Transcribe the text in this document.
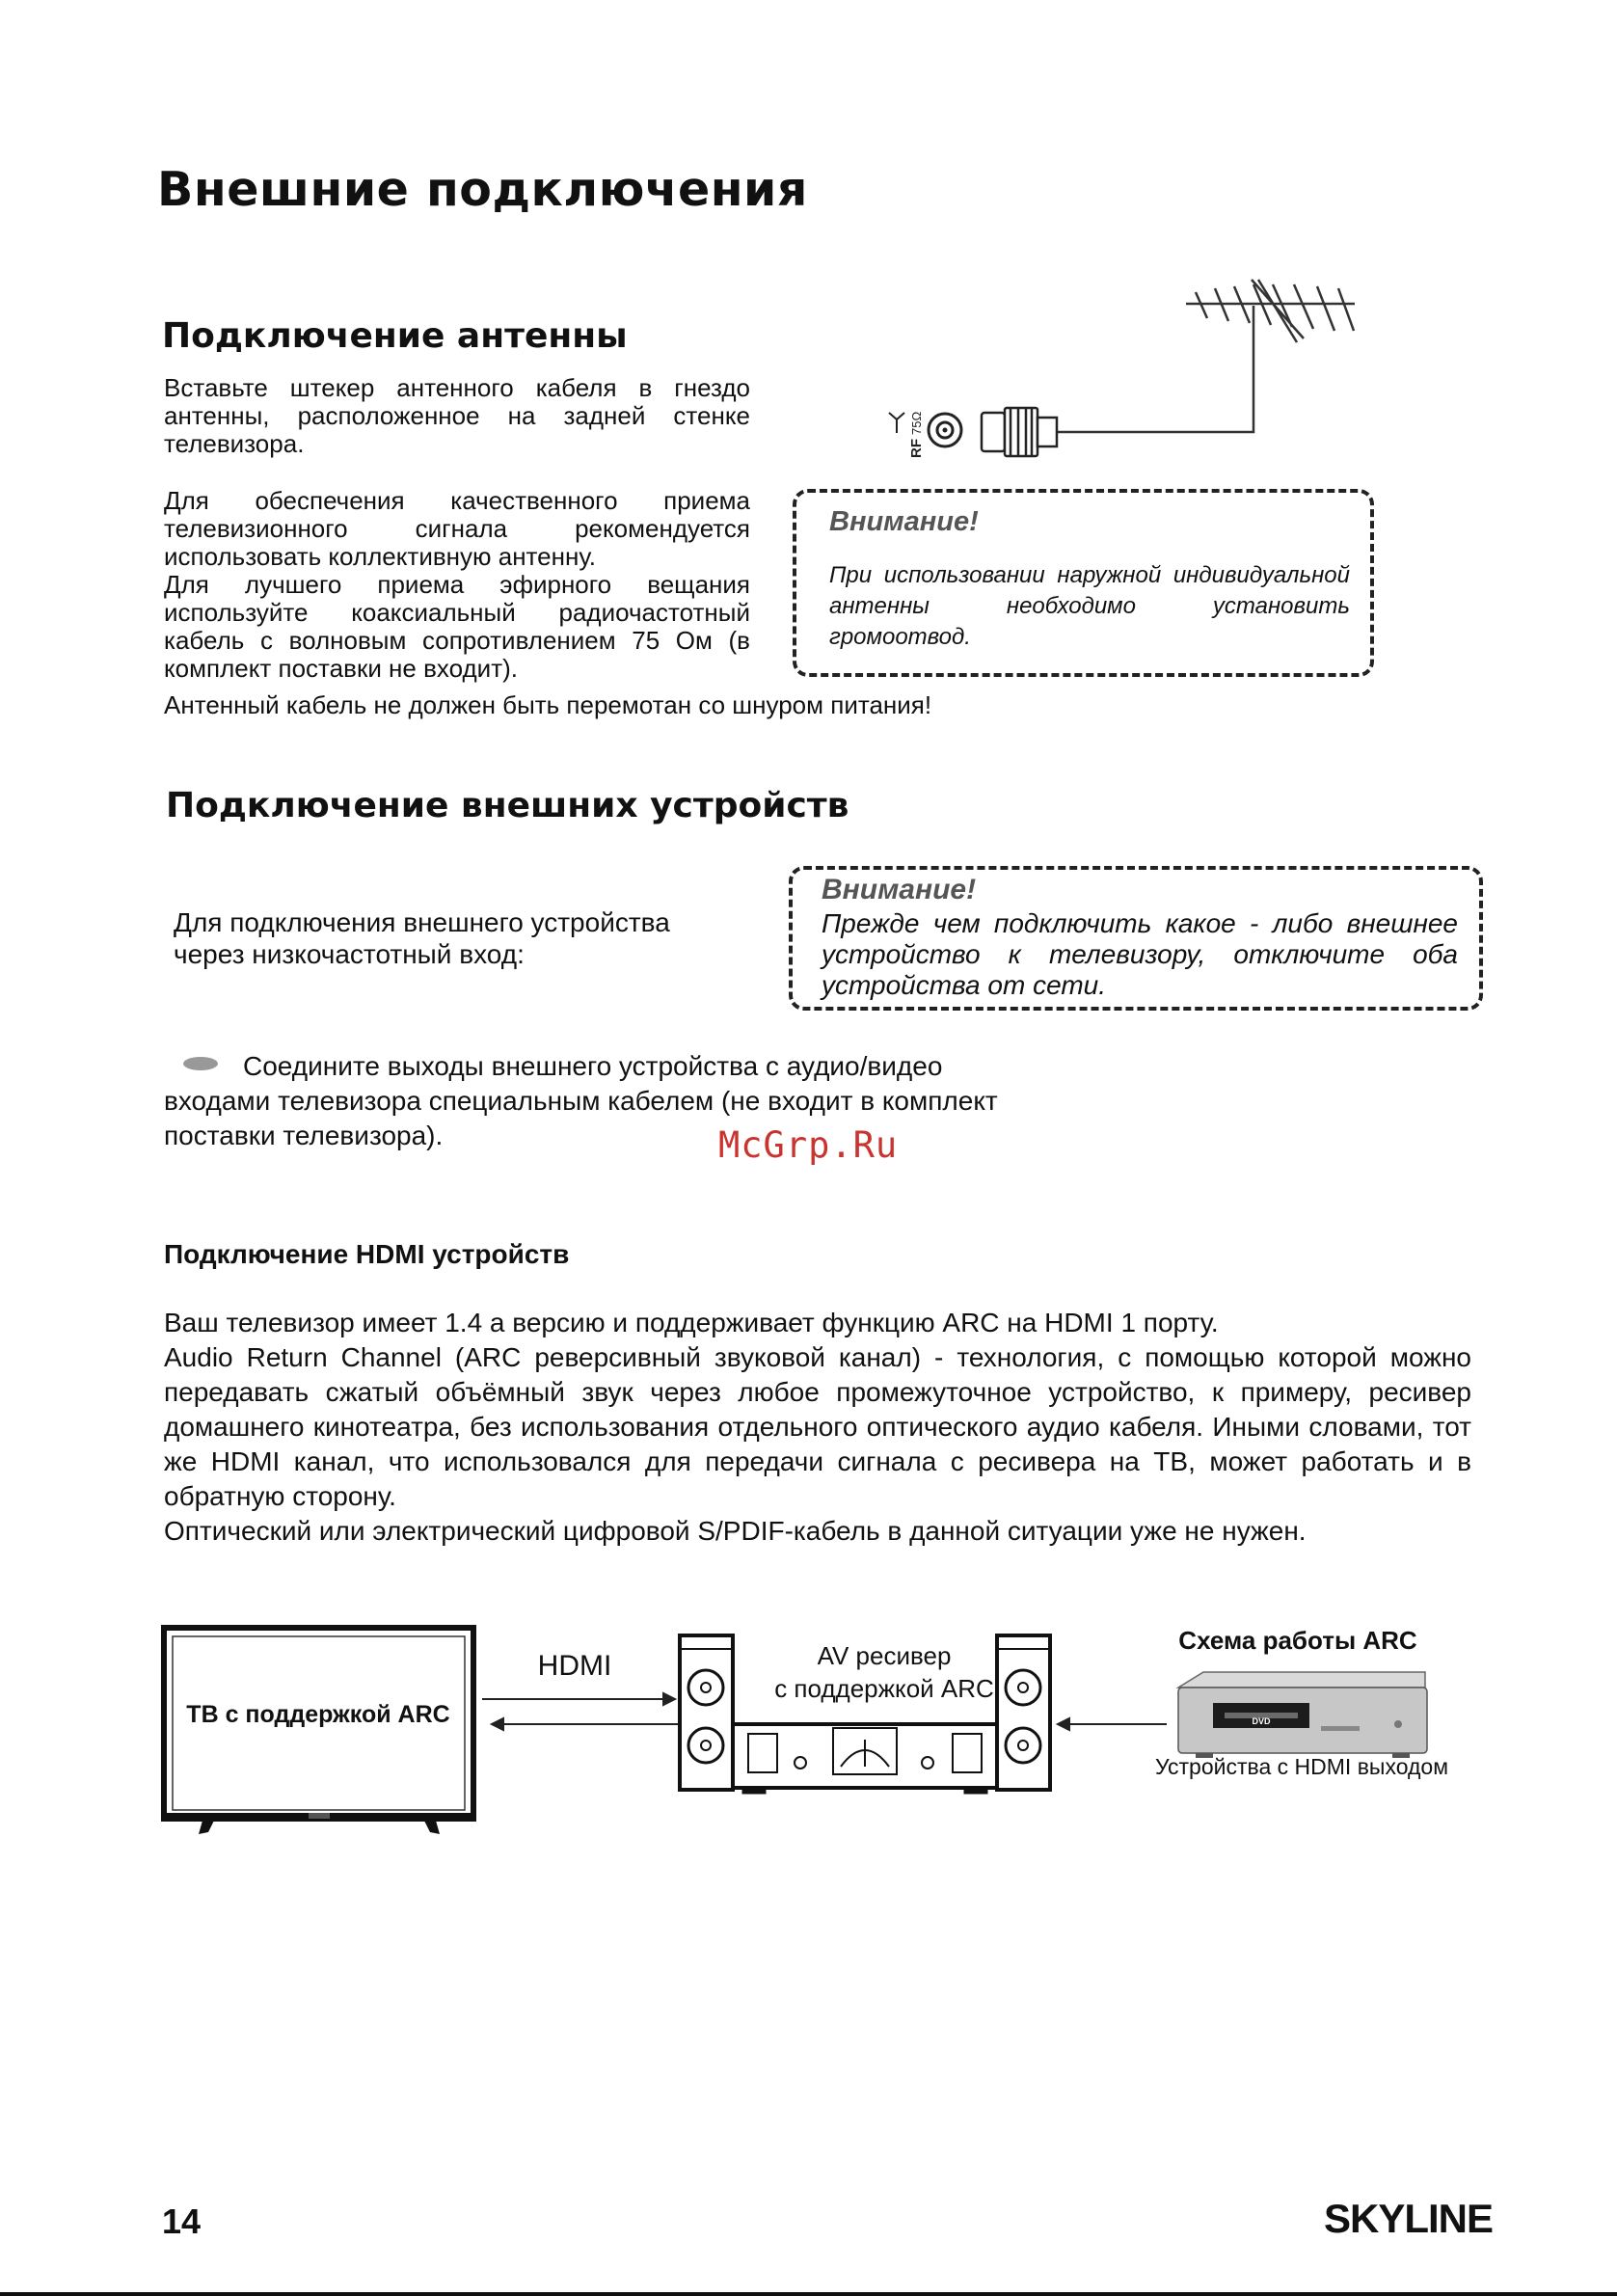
Внешние подключения
Подключение антенны
Вставьте штекер антенного кабеля в гнездо антенны, расположенное на задней стенке телевизора.
Для обеспечения качественного приема телевизионного сигнала рекомендуется использовать коллективную антенну.
Для лучшего приема эфирного вещания используйте коаксиальный радиочастотный кабель с волновым сопротивлением 75 Ом (в комплект поставки не входит).
Антенный кабель не должен быть перемотан со шнуром питания!
RF
75Ω
Внимание!
При использовании наружной индивидуальной антенны необходимо установить громоотвод.
Подключение внешних устройств
Для подключения внешнего устройства через низкочастотный вход:
Внимание!
Прежде чем подключить какое - либо внешнее устройство к телевизору, отключите оба устройства от сети.
Соедините выходы внешнего устройства с аудио/видео входами телевизора специальным кабелем (не входит в комплект поставки телевизора).	McGrp.Ru
Подключение HDMI устройств
Ваш телевизор имеет 1.4 а версию и поддерживает функцию ARC на HDMI 1 порту.
Audio Return Channel (ARC реверсивный звуковой канал) - технология, с помощью которой можно передавать сжатый объёмный звук через любое промежуточное устройство, к примеру, ресивер домашнего кинотеатра, без использования отдельного оптического аудио кабеля. Иными словами, тот же HDMI канал, что использовался для передачи сигнала с ресивера на ТВ, может работать и в обратную сторону.
Оптический или электрический цифровой S/PDIF-кабель в данной ситуации уже не нужен.
ТВ с поддержкой ARC
HDMI	AV ресивер
с поддержкой ARC
DVD
Схема работы ARC
Устройства с HDMI выходом
14	SKYLINE
